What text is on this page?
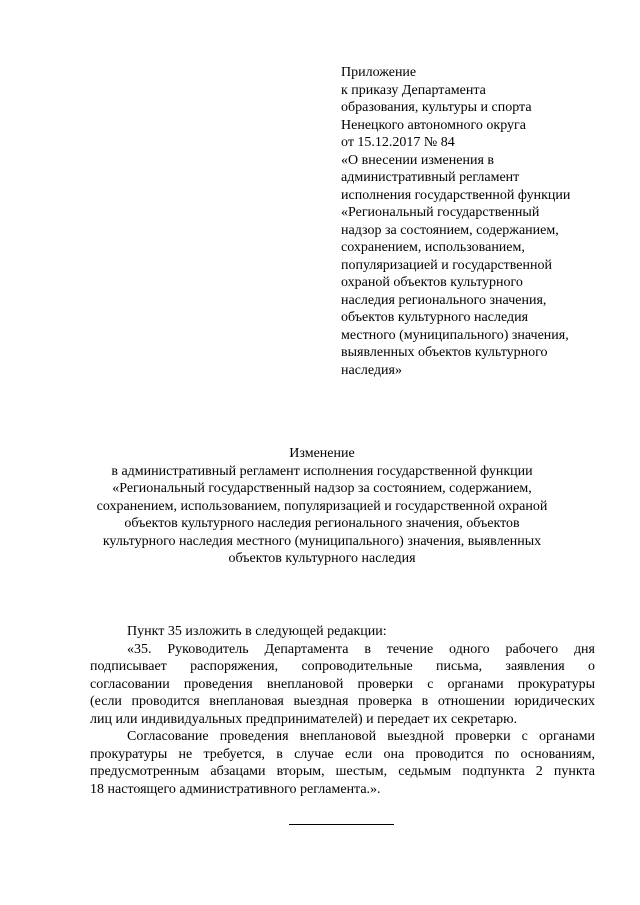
Приложение
к приказу Департамента
образования, культуры и спорта
Ненецкого автономного округа
от 15.12.2017 № 84
«О внесении изменения в
административный регламент
исполнения государственной функции
«Региональный государственный
надзор за состоянием, содержанием,
сохранением, использованием,
популяризацией и государственной
охраной объектов культурного
наследия регионального значения,
объектов культурного наследия
местного (муниципального) значения,
выявленных объектов культурного
наследия»
Изменение
в административный регламент исполнения государственной функции
«Региональный государственный надзор за состоянием, содержанием,
сохранением, использованием, популяризацией и государственной охраной
объектов культурного наследия регионального значения, объектов
культурного наследия местного (муниципального) значения, выявленных
объектов культурного наследия
Пункт 35 изложить в следующей редакции:
«35. Руководитель Департамента в течение одного рабочего дня
подписывает распоряжения, сопроводительные письма, заявления о
согласовании проведения внеплановой проверки с органами прокуратуры
(если проводится внеплановая выездная проверка в отношении юридических
лиц или индивидуальных предпринимателей) и передает их секретарю.
Согласование проведения внеплановой выездной проверки с органами
прокуратуры не требуется, в случае если она проводится по основаниям,
предусмотренным абзацами вторым, шестым, седьмым подпункта 2 пункта
18 настоящего административного регламента.».
